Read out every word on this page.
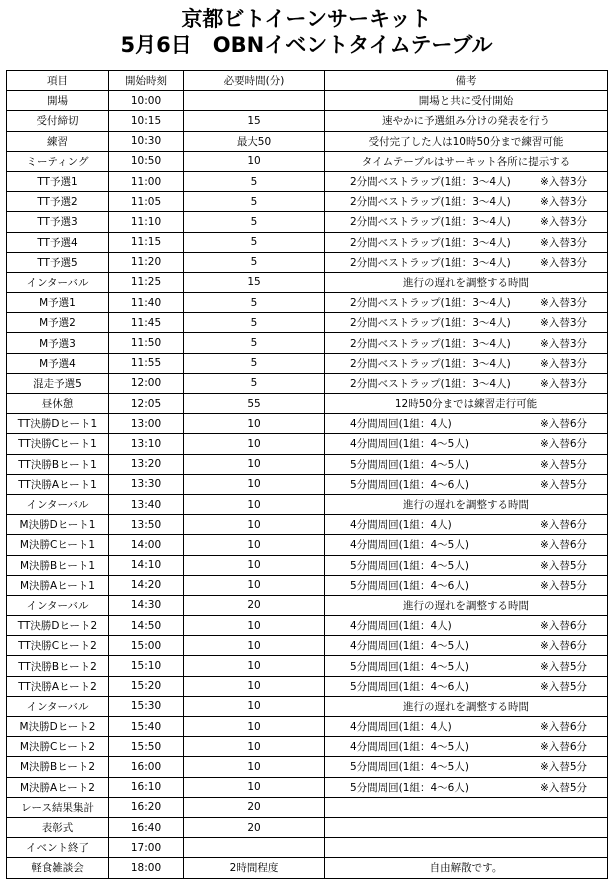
京都ビトイーンサーキット
5月6日　OBNイベントタイムテーブル
項目	開始時刻	必要時間(分)	備考
開場	10:00		開場と共に受付開始
受付締切	10:15	15	速やかに予選組み分けの発表を行う
練習	10:30	最大50	受付完了した人は10時50分まで練習可能
ミーティング	10:50	10	タイムテーブルはサーキット各所に提示する
TT予選1	11:00	5	2分間ベストラップ(1組：3～4人) ※入替3分

TT予選2	11:05	5	2分間ベストラップ(1組：3～4人) ※入替3分

TT予選3	11:10	5	2分間ベストラップ(1組：3～4人) ※入替3分

TT予選4	11:15	5	2分間ベストラップ(1組：3～4人) ※入替3分

TT予選5	11:20	5	2分間ベストラップ(1組：3～4人) ※入替3分

インターバル	11:25	15	進行の遅れを調整する時間
M予選1	11:40	5	2分間ベストラップ(1組：3～4人) ※入替3分

M予選2	11:45	5	2分間ベストラップ(1組：3～4人) ※入替3分

M予選3	11:50	5	2分間ベストラップ(1組：3～4人) ※入替3分

M予選4	11:55	5	2分間ベストラップ(1組：3～4人) ※入替3分

混走予選5	12:00	5	2分間ベストラップ(1組：3～4人) ※入替3分

昼休憩	12:05	55	12時50分までは練習走行可能
TT決勝Dヒート1	13:00	10	4分間周回(1組：4人) ※入替6分

TT決勝Cヒート1	13:10	10	4分間周回(1組：4～5人) ※入替6分

TT決勝Bヒート1	13:20	10	5分間周回(1組：4～5人) ※入替5分

TT決勝Aヒート1	13:30	10	5分間周回(1組：4～6人) ※入替5分

インターバル	13:40	10	進行の遅れを調整する時間
M決勝Dヒート1	13:50	10	4分間周回(1組：4人) ※入替6分

M決勝Cヒート1	14:00	10	4分間周回(1組：4～5人) ※入替6分

M決勝Bヒート1	14:10	10	5分間周回(1組：4～5人) ※入替5分

M決勝Aヒート1	14:20	10	5分間周回(1組：4～6人) ※入替5分

インターバル	14:30	20	進行の遅れを調整する時間
TT決勝Dヒート2	14:50	10	4分間周回(1組：4人) ※入替6分

TT決勝Cヒート2	15:00	10	4分間周回(1組：4～5人) ※入替6分

TT決勝Bヒート2	15:10	10	5分間周回(1組：4～5人) ※入替5分

TT決勝Aヒート2	15:20	10	5分間周回(1組：4～6人) ※入替5分

インターバル	15:30	10	進行の遅れを調整する時間
M決勝Dヒート2	15:40	10	4分間周回(1組：4人) ※入替6分

M決勝Cヒート2	15:50	10	4分間周回(1組：4～5人) ※入替6分

M決勝Bヒート2	16:00	10	5分間周回(1組：4～5人) ※入替5分

M決勝Aヒート2	16:10	10	5分間周回(1組：4～6人) ※入替5分

レース結果集計	16:20	20	
表彰式	16:40	20	
イベント終了	17:00		
軽食雑談会	18:00	2時間程度	自由解散です。
